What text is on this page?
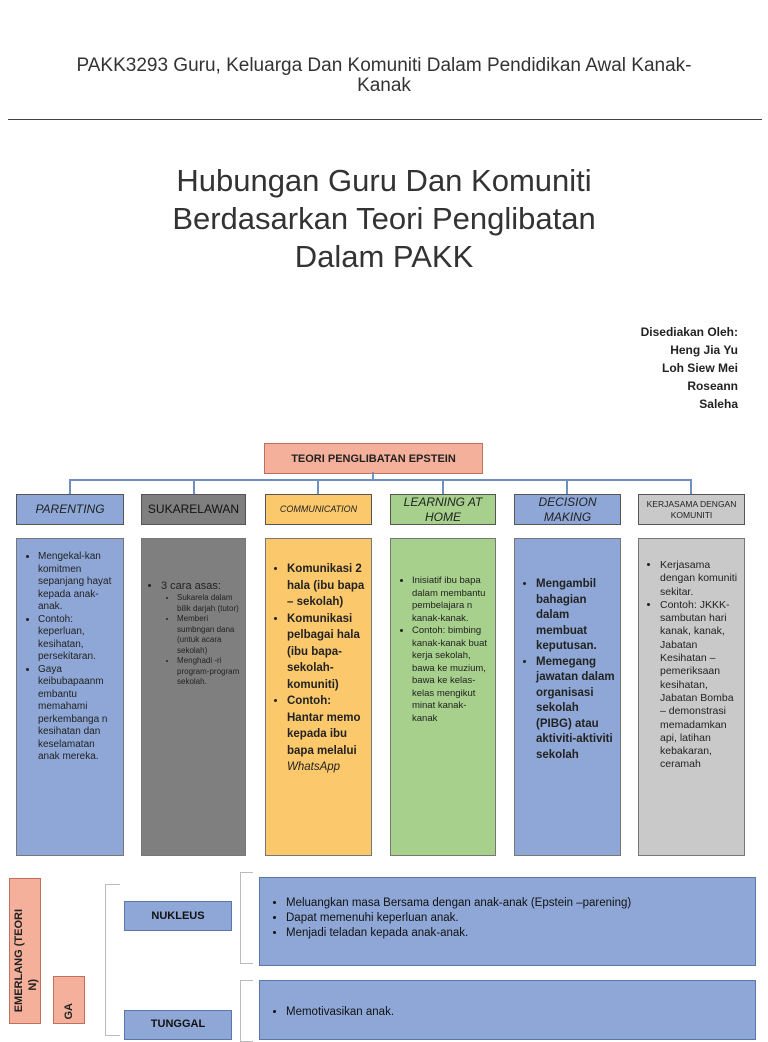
PAKK3293 Guru, Keluarga Dan Komuniti Dalam Pendidikan Awal Kanak-
Kanak
Hubungan Guru Dan Komuniti
Berdasarkan Teori Penglibatan
Dalam PAKK
Disediakan Oleh:
Heng Jia Yu
Loh Siew Mei
Roseann
Saleha
TEORI PENGLIBATAN EPSTEIN
PARENTING	SUKARELAWAN	COMMUNICATION
LEARNING AT HOME
DECISION MAKING
KERJASAMA DENGAN KOMUNITI
• Mengekal-kan komitmen sepanjang hayat kepada anak-anak.
• Contoh: keperluan, kesihatan, persekitaran.
• Gaya keibubapaanm embantu memahami perkembanga n kesihatan dan keselamatan anak mereka.
• 3 cara asas:
• Sukarela dalam bilik darjah (tutor)
• Memberi sumbngan dana (untuk acara sekolah)
• Menghadi -ri program-program sekolah.
• Komunikasi 2 hala (ibu bapa – sekolah)
• Komunikasi pelbagai hala (ibu bapa-sekolah-komuniti)
• Contoh: Hantar memo kepada ibu bapa melalui WhatsApp
• Inisiatif ibu bapa dalam membantu pembelajara n kanak-kanak.
• Contoh: bimbing kanak-kanak buat kerja sekolah, bawa ke muzium, bawa ke kelas-kelas mengikut minat kanak-kanak
• Mengambil bahagian dalam membuat keputusan.
• Memegang jawatan dalam organisasi sekolah (PIBG) atau aktiviti-aktiviti sekolah
• Kerjasama dengan komuniti sekitar.
• Contoh: JKKK-sambutan hari kanak, kanak, Jabatan Kesihatan – pemeriksaan kesihatan, Jabatan Bomba – demonstrasi memadamkan api, latihan kebakaran, ceramah
EMERLANG (TEORI N)
GA
NUKLEUS
• Meluangkan masa Bersama dengan anak-anak (Epstein –parening)
• Dapat memenuhi keperluan anak.
• Menjadi teladan kepada anak-anak.
TUNGGAL
• Memotivasikan anak.
